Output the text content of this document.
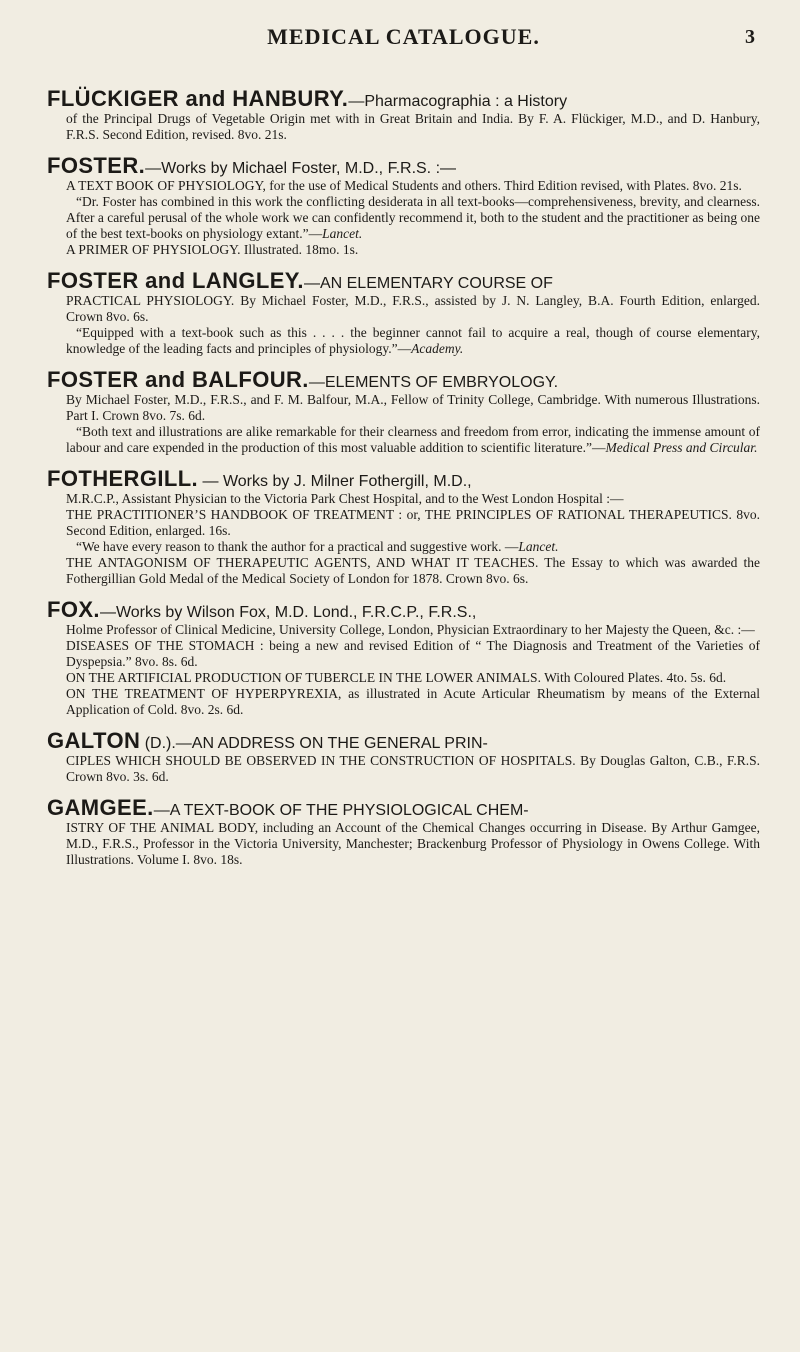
MEDICAL CATALOGUE.	3

FLÜCKIGER and HANBURY.—Pharmacographia : a History

of the Principal Drugs of Vegetable Origin met with in Great Britain and India. By F. A. Flückiger, M.D., and D. Hanbury, F.R.S. Second Edition, revised. 8vo. 21s.

FOSTER.—Works by Michael Foster, M.D., F.R.S. :—

A TEXT BOOK OF PHYSIOLOGY, for the use of Medical Students and others. Third Edition revised, with Plates. 8vo. 21s.

“Dr. Foster has combined in this work the conflicting desiderata in all text-books—comprehensiveness, brevity, and clearness. After a careful perusal of the whole work we can confidently recommend it, both to the student and the practitioner as being one of the best text-books on physiology extant.”—Lancet.

A PRIMER OF PHYSIOLOGY. Illustrated. 18mo. 1s.

FOSTER and LANGLEY.—AN ELEMENTARY COURSE OF

PRACTICAL PHYSIOLOGY. By Michael Foster, M.D., F.R.S., assisted by J. N. Langley, B.A. Fourth Edition, enlarged. Crown 8vo. 6s.

“Equipped with a text-book such as this . . . . the beginner cannot fail to acquire a real, though of course elementary, knowledge of the leading facts and principles of physiology.”—Academy.

FOSTER and BALFOUR.—ELEMENTS OF EMBRYOLOGY.

By Michael Foster, M.D., F.R.S., and F. M. Balfour, M.A., Fellow of Trinity College, Cambridge. With numerous Illustrations. Part I. Crown 8vo. 7s. 6d.

“Both text and illustrations are alike remarkable for their clearness and freedom from error, indicating the immense amount of labour and care expended in the production of this most valuable addition to scientific literature.”—Medical Press and Circular.

FOTHERGILL. — Works by J. Milner Fothergill, M.D.,

M.R.C.P., Assistant Physician to the Victoria Park Chest Hospital, and to the West London Hospital :—

THE PRACTITIONER’S HANDBOOK OF TREATMENT : or, THE PRINCIPLES OF RATIONAL THERAPEUTICS. 8vo. Second Edition, enlarged. 16s.

“We have every reason to thank the author for a practical and suggestive work. —Lancet.

THE ANTAGONISM OF THERAPEUTIC AGENTS, AND WHAT IT TEACHES. The Essay to which was awarded the Fothergillian Gold Medal of the Medical Society of London for 1878. Crown 8vo. 6s.

FOX.—Works by Wilson Fox, M.D. Lond., F.R.C.P., F.R.S.,

Holme Professor of Clinical Medicine, University College, London, Physician Extraordinary to her Majesty the Queen, &c. :—

DISEASES OF THE STOMACH : being a new and revised Edition of “ The Diagnosis and Treatment of the Varieties of Dyspepsia.” 8vo. 8s. 6d.

ON THE ARTIFICIAL PRODUCTION OF TUBERCLE IN THE LOWER ANIMALS. With Coloured Plates. 4to. 5s. 6d.

ON THE TREATMENT OF HYPERPYREXIA, as illustrated in Acute Articular Rheumatism by means of the External Application of Cold. 8vo. 2s. 6d.

GALTON (D.).—AN ADDRESS ON THE GENERAL PRIN-

CIPLES WHICH SHOULD BE OBSERVED IN THE CONSTRUCTION OF HOSPITALS. By Douglas Galton, C.B., F.R.S. Crown 8vo. 3s. 6d.

GAMGEE.—A TEXT-BOOK OF THE PHYSIOLOGICAL CHEM-

ISTRY OF THE ANIMAL BODY, including an Account of the Chemical Changes occurring in Disease. By Arthur Gamgee, M.D., F.R.S., Professor in the Victoria University, Manchester; Brackenburg Professor of Physiology in Owens College. With Illustrations. Volume I. 8vo. 18s.
